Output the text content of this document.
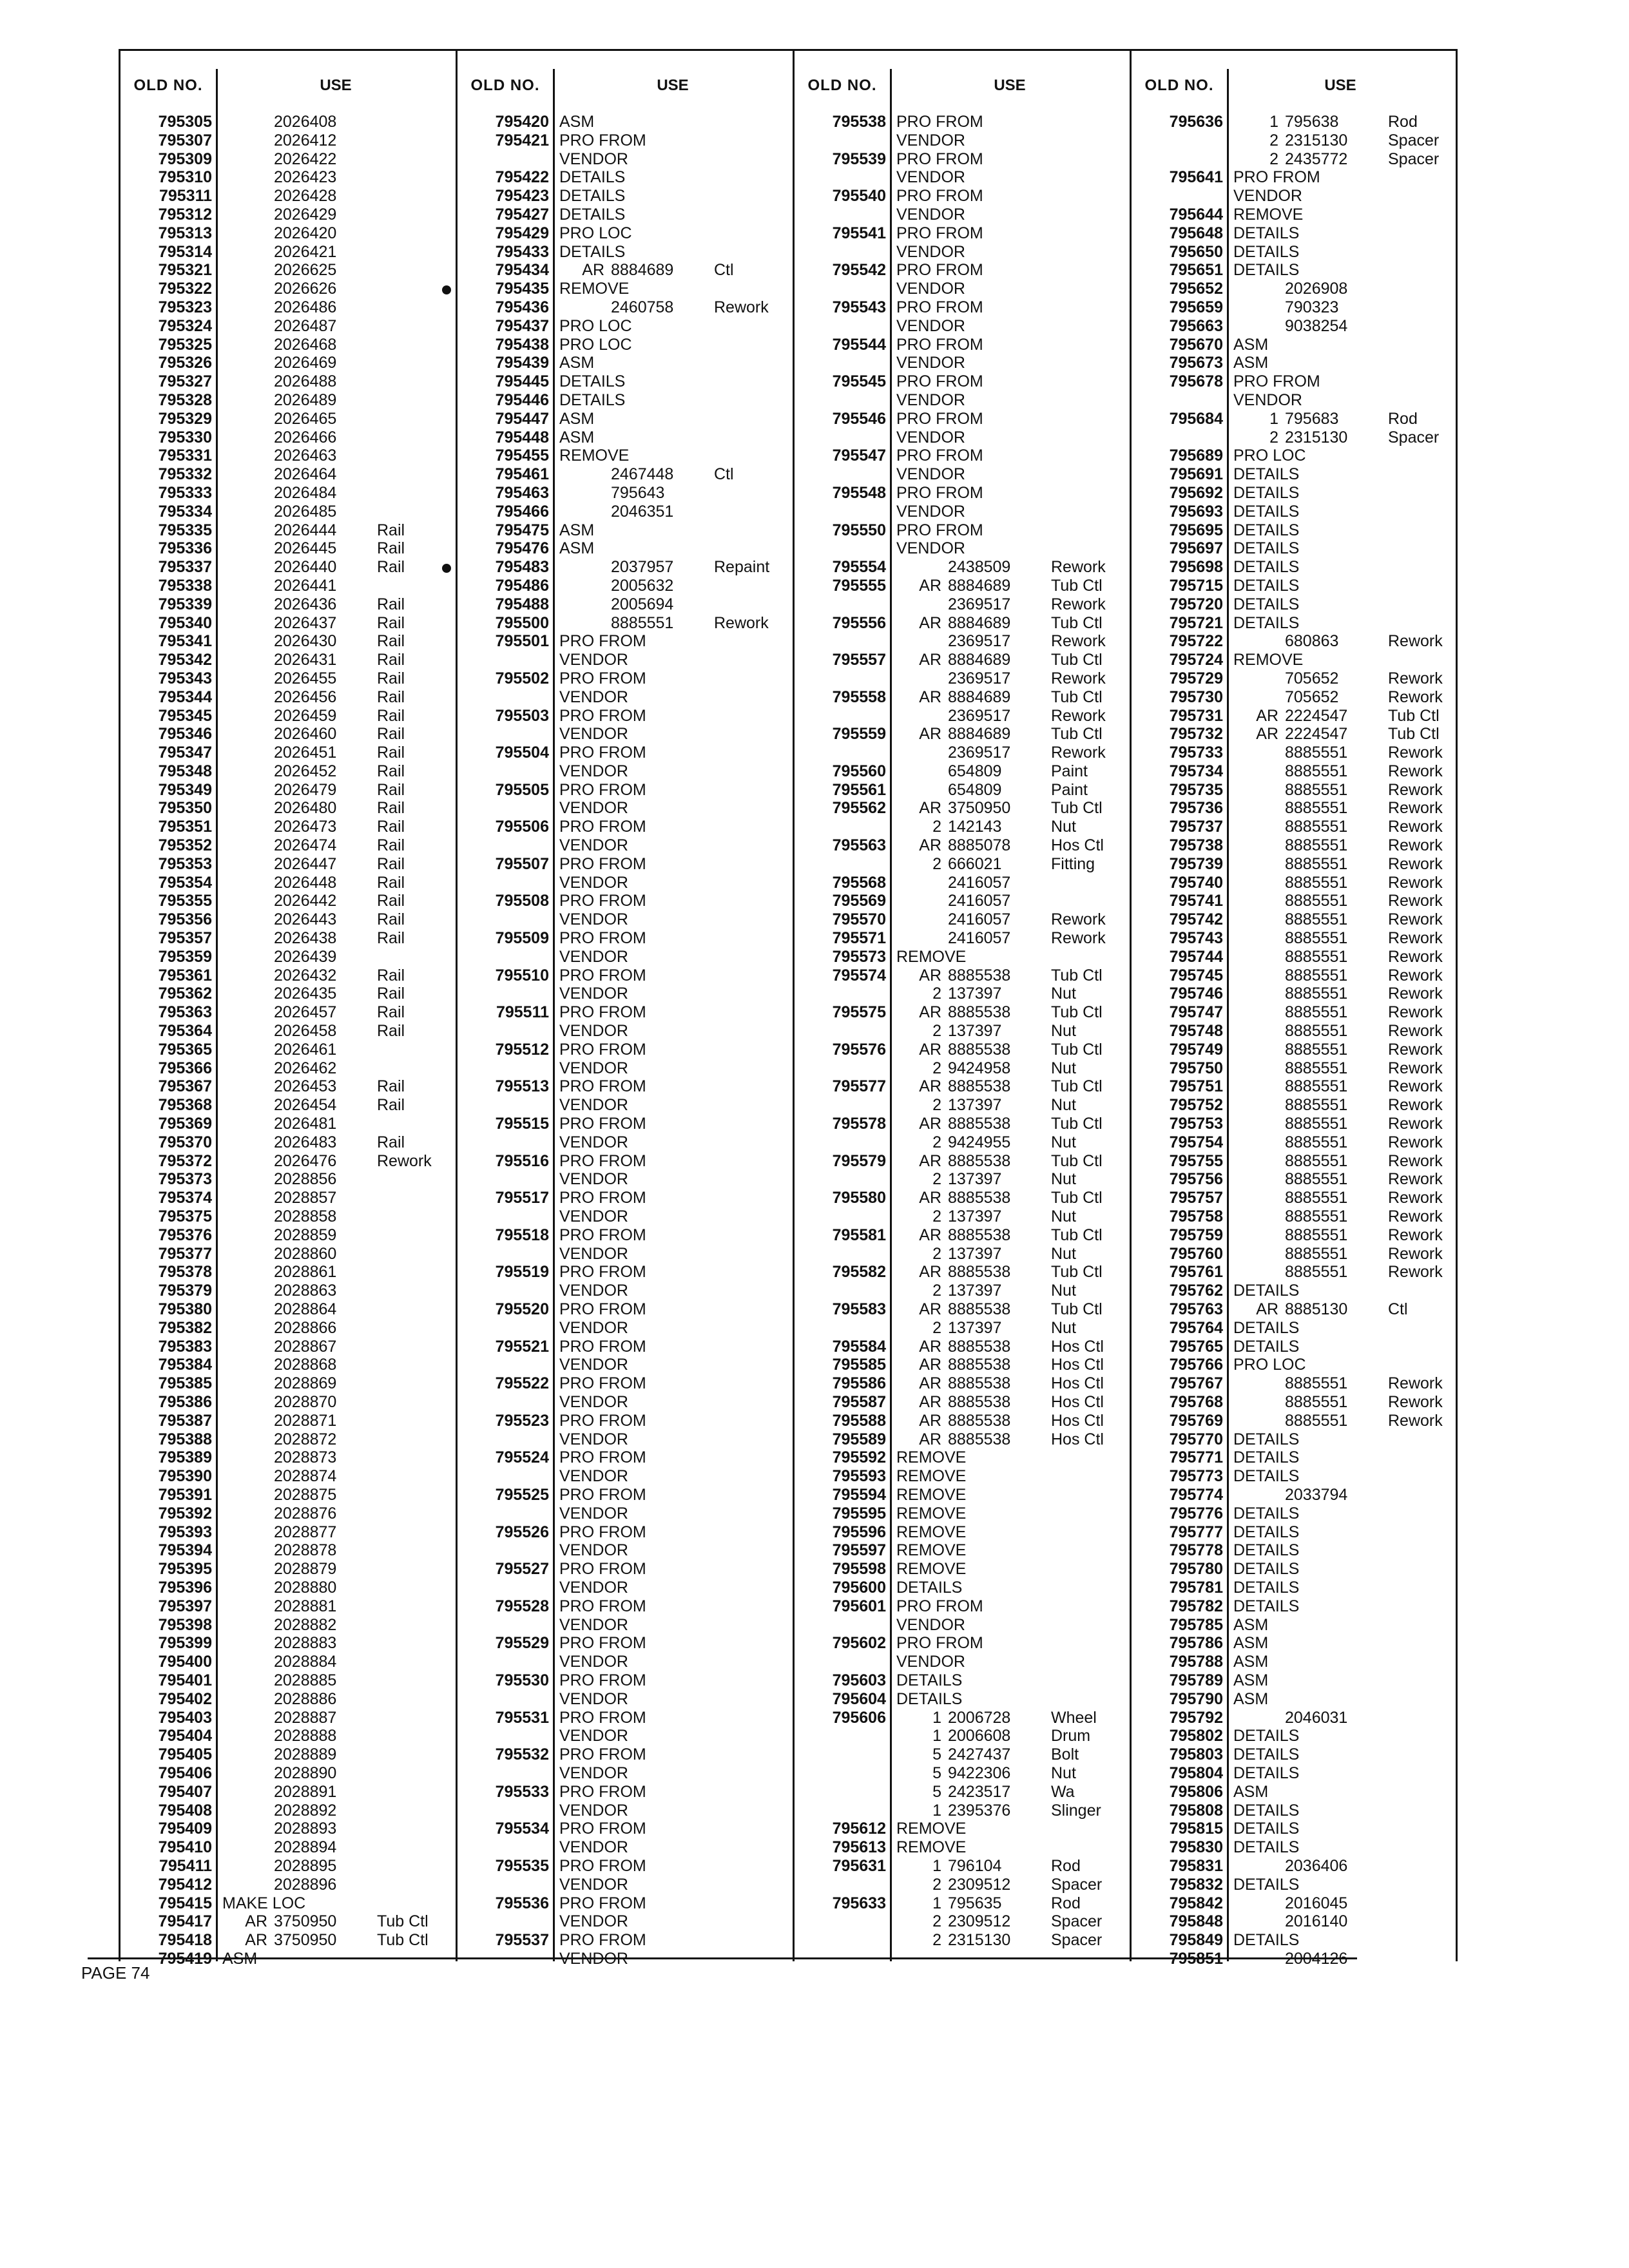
OLD NO.	USE
795305	2026408
795307	2026412
795309	2026422
795310	2026423
795311	2026428
795312	2026429
795313	2026420
795314	2026421
795321	2026625
795322	2026626
795323	2026486
795324	2026487
795325	2026468
795326	2026469
795327	2026488
795328	2026489
795329	2026465
795330	2026466
795331	2026463
795332	2026464
795333	2026484
795334	2026485
795335	2026444	Rail
795336	2026445	Rail
795337	2026440	Rail
795338	2026441
795339	2026436	Rail
795340	2026437	Rail
795341	2026430	Rail
795342	2026431	Rail
795343	2026455	Rail
795344	2026456	Rail
795345	2026459	Rail
795346	2026460	Rail
795347	2026451	Rail
795348	2026452	Rail
795349	2026479	Rail
795350	2026480	Rail
795351	2026473	Rail
795352	2026474	Rail
795353	2026447	Rail
795354	2026448	Rail
795355	2026442	Rail
795356	2026443	Rail
795357	2026438	Rail
795359	2026439
795361	2026432	Rail
795362	2026435	Rail
795363	2026457	Rail
795364	2026458	Rail
795365	2026461
795366	2026462
795367	2026453	Rail
795368	2026454	Rail
795369	2026481
795370	2026483	Rail
795372	2026476	Rework
795373	2028856
795374	2028857
795375	2028858
795376	2028859
795377	2028860
795378	2028861
795379	2028863
795380	2028864
795382	2028866
795383	2028867
795384	2028868
795385	2028869
795386	2028870
795387	2028871
795388	2028872
795389	2028873
795390	2028874
795391	2028875
795392	2028876
795393	2028877
795394	2028878
795395	2028879
795396	2028880
795397	2028881
795398	2028882
795399	2028883
795400	2028884
795401	2028885
795402	2028886
795403	2028887
795404	2028888
795405	2028889
795406	2028890
795407	2028891
795408	2028892
795409	2028893
795410	2028894
795411	2028895
795412	2028896
795415 MAKE LOC
795417	AR 3750950	Tub Ctl
795418	AR 3750950	Tub Ctl
795419 ASM
OLD NO.	USE
795420 ASM
795421 PRO FROM
VENDOR
795422 DETAILS
795423 DETAILS
795427 DETAILS
795429 PRO LOC
795433 DETAILS
795434	AR 8884689	Ctl
795435 REMOVE
795436	2460758	Rework
795437 PRO LOC
795438 PRO LOC
795439 ASM
795445 DETAILS
795446 DETAILS
795447 ASM
795448 ASM
795455 REMOVE
795461	2467448	Ctl
795463	795643
795466	2046351
795475 ASM
795476 ASM
795483	2037957	Repaint
795486	2005632
795488	2005694
795500	8885551	Rework
795501 PRO FROM
VENDOR
795502 PRO FROM
VENDOR
795503 PRO FROM
VENDOR
795504 PRO FROM
VENDOR
795505 PRO FROM
VENDOR
795506 PRO FROM
VENDOR
795507 PRO FROM
VENDOR
795508 PRO FROM
VENDOR
795509 PRO FROM
VENDOR
795510 PRO FROM
VENDOR
795511 PRO FROM
VENDOR
795512 PRO FROM
VENDOR
795513 PRO FROM
VENDOR
795515 PRO FROM
VENDOR
795516 PRO FROM
VENDOR
795517 PRO FROM
VENDOR
795518 PRO FROM
VENDOR
795519 PRO FROM
VENDOR
795520 PRO FROM
VENDOR
795521 PRO FROM
VENDOR
795522 PRO FROM
VENDOR
795523 PRO FROM
VENDOR
795524 PRO FROM
VENDOR
795525 PRO FROM
VENDOR
795526 PRO FROM
VENDOR
795527 PRO FROM
VENDOR
795528 PRO FROM
VENDOR
795529 PRO FROM
VENDOR
795530 PRO FROM
VENDOR
795531 PRO FROM
VENDOR
795532 PRO FROM
VENDOR
795533 PRO FROM
VENDOR
795534 PRO FROM
VENDOR
795535 PRO FROM
VENDOR
795536 PRO FROM
VENDOR
795537 PRO FROM
VENDOR
OLD NO.	USE
795538 PRO FROM
VENDOR
795539 PRO FROM
VENDOR
795540 PRO FROM
VENDOR
795541 PRO FROM
VENDOR
795542 PRO FROM
VENDOR
795543 PRO FROM
VENDOR
795544 PRO FROM
VENDOR
795545 PRO FROM
VENDOR
795546 PRO FROM
VENDOR
795547 PRO FROM
VENDOR
795548 PRO FROM
VENDOR
795550 PRO FROM
VENDOR
795554	2438509	Rework
795555	AR 8884689	Tub Ctl
2369517	Rework
795556	AR 8884689	Tub Ctl
2369517	Rework
795557	AR 8884689	Tub Ctl
2369517	Rework
795558	AR 8884689	Tub Ctl
2369517	Rework
795559	AR 8884689	Tub Ctl
2369517	Rework
795560	654809	Paint
795561	654809	Paint
795562	AR 3750950	Tub Ctl
2 142143	Nut
795563	AR 8885078	Hos Ctl
2 666021	Fitting
795568	2416057
795569	2416057
795570	2416057	Rework
795571	2416057	Rework
795573 REMOVE
795574	AR 8885538	Tub Ctl
2 137397	Nut
795575	AR 8885538	Tub Ctl
2 137397	Nut
795576	AR 8885538	Tub Ctl
2 9424958	Nut
795577	AR 8885538	Tub Ctl
2 137397	Nut
795578	AR 8885538	Tub Ctl
2 9424955	Nut
795579	AR 8885538	Tub Ctl
2 137397	Nut
795580	AR 8885538	Tub Ctl
2 137397	Nut
795581	AR 8885538	Tub Ctl
2 137397	Nut
795582	AR 8885538	Tub Ctl
2 137397	Nut
795583	AR 8885538	Tub Ctl
2 137397	Nut
795584	AR 8885538	Hos Ctl
795585	AR 8885538	Hos Ctl
795586	AR 8885538	Hos Ctl
795587	AR 8885538	Hos Ctl
795588	AR 8885538	Hos Ctl
795589	AR 8885538	Hos Ctl
795592 REMOVE
795593 REMOVE
795594 REMOVE
795595 REMOVE
795596 REMOVE
795597 REMOVE
795598 REMOVE
795600 DETAILS
795601 PRO FROM
VENDOR
795602 PRO FROM
VENDOR
795603 DETAILS
795604 DETAILS
795606	1 2006728	Wheel
1 2006608	Drum
5 2427437	Bolt
5 9422306	Nut
5 2423517	Wa
1 2395376	Slinger
795612 REMOVE
795613 REMOVE
795631	1 796104	Rod
2 2309512	Spacer
795633	1 795635	Rod
2 2309512	Spacer
2 2315130	Spacer
OLD NO.	USE
795636	1 795638	Rod
2 2315130	Spacer
2 2435772	Spacer
795641 PRO FROM
VENDOR
795644 REMOVE
795648 DETAILS
795650 DETAILS
795651 DETAILS
795652	2026908
795659	790323
795663	9038254
795670 ASM
795673 ASM
795678 PRO FROM
VENDOR
795684	1 795683	Rod
2 2315130	Spacer
795689 PRO LOC
795691 DETAILS
795692 DETAILS
795693 DETAILS
795695 DETAILS
795697 DETAILS
795698 DETAILS
795715 DETAILS
795720 DETAILS
795721 DETAILS
795722	680863	Rework
795724 REMOVE
795729	705652	Rework
795730	705652	Rework
795731	AR 2224547	Tub Ctl
795732	AR 2224547	Tub Ctl
795733	8885551	Rework
795734	8885551	Rework
795735	8885551	Rework
795736	8885551	Rework
795737	8885551	Rework
795738	8885551	Rework
795739	8885551	Rework
795740	8885551	Rework
795741	8885551	Rework
795742	8885551	Rework
795743	8885551	Rework
795744	8885551	Rework
795745	8885551	Rework
795746	8885551	Rework
795747	8885551	Rework
795748	8885551	Rework
795749	8885551	Rework
795750	8885551	Rework
795751	8885551	Rework
795752	8885551	Rework
795753	8885551	Rework
795754	8885551	Rework
795755	8885551	Rework
795756	8885551	Rework
795757	8885551	Rework
795758	8885551	Rework
795759	8885551	Rework
795760	8885551	Rework
795761	8885551	Rework
795762 DETAILS
795763	AR 8885130	Ctl
795764 DETAILS
795765 DETAILS
795766 PRO LOC
795767	8885551	Rework
795768	8885551	Rework
795769	8885551	Rework
795770 DETAILS
795771 DETAILS
795773 DETAILS
795774	2033794
795776 DETAILS
795777 DETAILS
795778 DETAILS
795780 DETAILS
795781 DETAILS
795782 DETAILS
795785 ASM
795786 ASM
795788 ASM
795789 ASM
795790 ASM
795792	2046031
795802 DETAILS
795803 DETAILS
795804 DETAILS
795806 ASM
795808 DETAILS
795815 DETAILS
795830 DETAILS
795831	2036406
795832 DETAILS
795842	2016045
795848	2016140
795849 DETAILS
795851	2004126
PAGE 74
